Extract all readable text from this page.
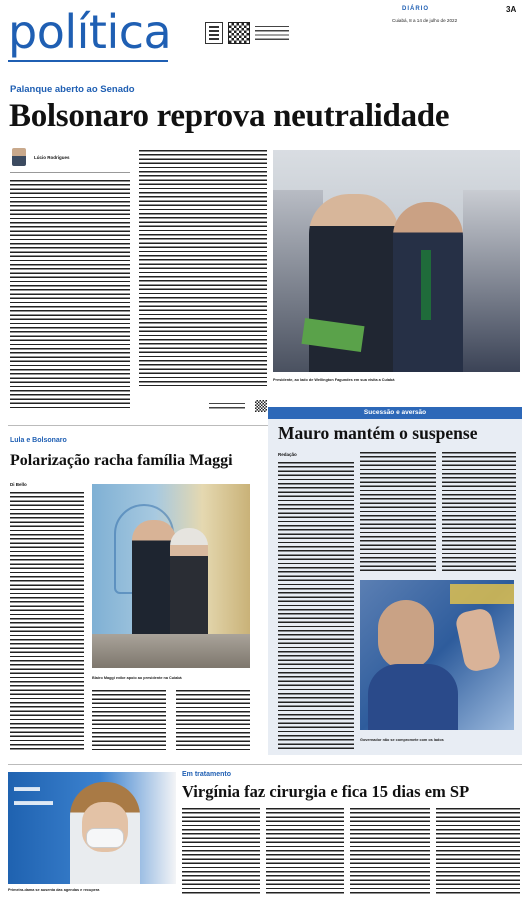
política	DIÁRIO	3A
Cuiabá, 8 a 14 de julho de 2022
Palanque aberto ao Senado
Bolsonaro reprova neutralidade
Lúcio Rodrigues
Presidente, ao lado de Wellington Fagundes em sua visita a Cuiabá
Lula e Bolsonaro
Polarização racha família Maggi
Di Bello
Blairo Maggi exibe apoio ao presidente na Cuiabá
Sucessão e aversão
Mauro mantém o suspense
Redação
Governador não se compromete com os lados
▬▬
▬▬▬
Primeira-dama se ausenta das agendas e recupera
Em tratamento
Virgínia faz cirurgia e fica 15 dias em SP
